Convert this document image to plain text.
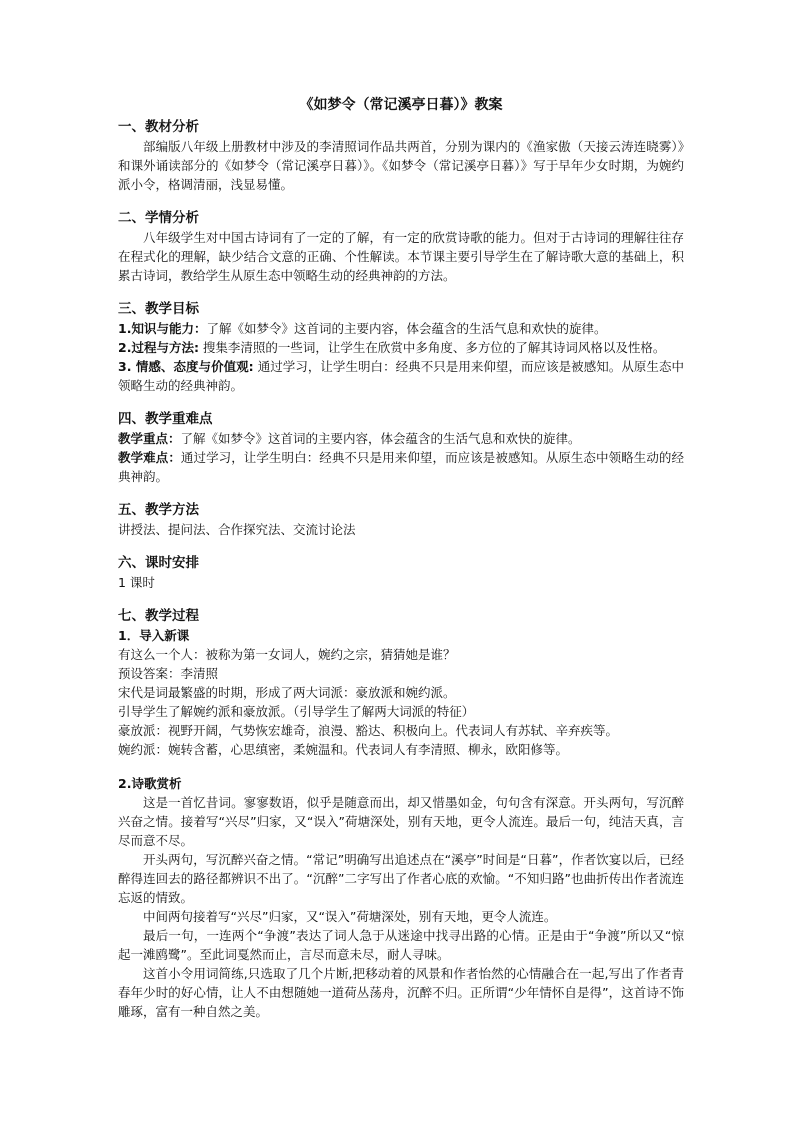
《如梦令（常记溪亭日暮）》教案

一、教材分析

部编版八年级上册教材中涉及的李清照词作品共两首，分别为课内的《渔家傲（天接云涛连晓雾）》和课外诵读部分的《如梦令（常记溪亭日暮）》。《如梦令（常记溪亭日暮）》写于早年少女时期，为婉约派小令，格调清丽，浅显易懂。

二、学情分析

八年级学生对中国古诗词有了一定的了解，有一定的欣赏诗歌的能力。但对于古诗词的理解往往存在程式化的理解，缺少结合文意的正确、个性解读。本节课主要引导学生在了解诗歌大意的基础上，积累古诗词，教给学生从原生态中领略生动的经典神韵的方法。

三、教学目标

1.知识与能力：了解《如梦令》这首词的主要内容，体会蕴含的生活气息和欢快的旋律。

2.过程与方法: 搜集李清照的一些词，让学生在欣赏中多角度、多方位的了解其诗词风格以及性格。

3. 情感、态度与价值观: 通过学习，让学生明白：经典不只是用来仰望，而应该是被感知。从原生态中领略生动的经典神韵。

四、教学重难点

教学重点：了解《如梦令》这首词的主要内容，体会蕴含的生活气息和欢快的旋律。

教学难点：通过学习，让学生明白：经典不只是用来仰望，而应该是被感知。从原生态中领略生动的经典神韵。

五、教学方法

讲授法、提问法、合作探究法、交流讨论法

六、课时安排

1 课时

七、教学过程

1．导入新课

有这么一个人：被称为第一女词人，婉约之宗，猜猜她是谁？

预设答案：李清照

宋代是词最繁盛的时期，形成了两大词派：豪放派和婉约派。

引导学生了解婉约派和豪放派。（引导学生了解两大词派的特征）

豪放派：视野开阔，气势恢宏雄奇，浪漫、豁达、积极向上。代表词人有苏轼、辛弃疾等。

婉约派：婉转含蓄，心思缜密，柔婉温和。代表词人有李清照、柳永，欧阳修等。

2.诗歌赏析

这是一首忆昔词。寥寥数语，似乎是随意而出，却又惜墨如金，句句含有深意。开头两句，写沉醉兴奋之情。接着写“兴尽”归家，又“误入”荷塘深处，别有天地，更令人流连。最后一句，纯洁天真，言尽而意不尽。

开头两句，写沉醉兴奋之情。“常记”明确写出追述点在“溪亭”时间是“日暮”，作者饮宴以后，已经醉得连回去的路径都辨识不出了。“沉醉”二字写出了作者心底的欢愉。“不知归路”也曲折传出作者流连忘返的情致。

中间两句接着写“兴尽”归家，又“误入”荷塘深处，别有天地，更令人流连。

最后一句，一连两个“争渡”表达了词人急于从迷途中找寻出路的心情。正是由于“争渡”所以又“惊起一滩鸥鹭”。至此词戛然而止，言尽而意未尽，耐人寻味。

这首小令用词简练,只选取了几个片断,把移动着的风景和作者怡然的心情融合在一起,写出了作者青春年少时的好心情，让人不由想随她一道荷丛荡舟，沉醉不归。正所谓“少年情怀自是得”，这首诗不饰雕琢，富有一种自然之美。
